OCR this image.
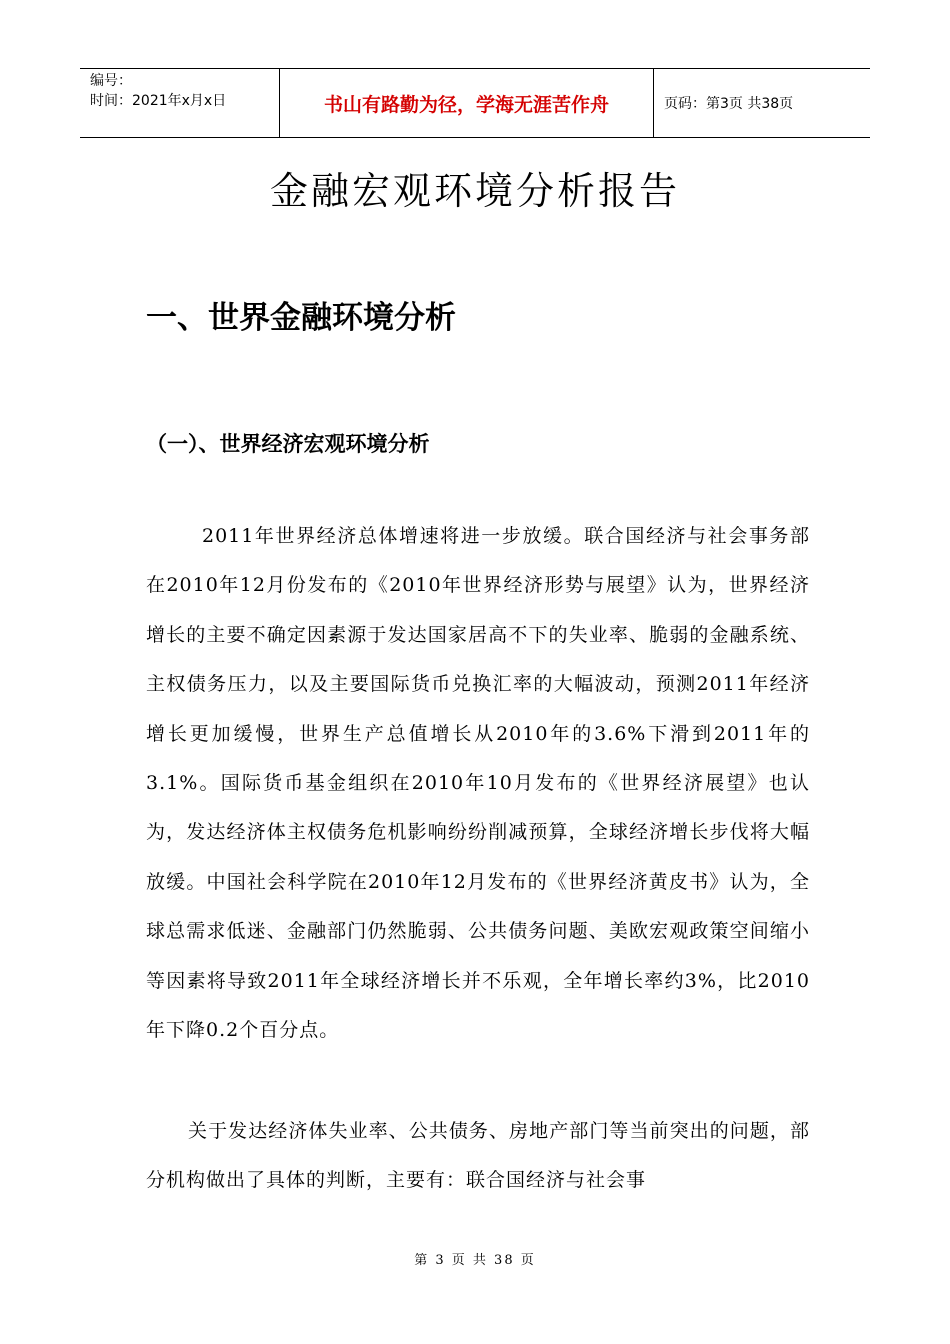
编号：
时间：2021年x月x日	书山有路勤为径，学海无涯苦作舟	页码：第3页 共38页
金融宏观环境分析报告
一、世界金融环境分析
（一）、世界经济宏观环境分析

2011年世界经济总体增速将进一步放缓。联合国经济与社会事务部在2010年12月份发布的《2010年世界经济形势与展望》认为，世界经济增长的主要不确定因素源于发达国家居高不下的失业率、脆弱的金融系统、主权债务压力，以及主要国际货币兑换汇率的大幅波动，预测2011年经济增长更加缓慢，世界生产总值增长从2010年的3.6%下滑到2011年的3.1%。国际货币基金组织在2010年10月发布的《世界经济展望》也认为，发达经济体主权债务危机影响纷纷削减预算，全球经济增长步伐将大幅放缓。中国社会科学院在2010年12月发布的《世界经济黄皮书》认为，全球总需求低迷、金融部门仍然脆弱、公共债务问题、美欧宏观政策空间缩小等因素将导致2011年全球经济增长并不乐观，全年增长率约3%，比2010年下降0.2个百分点。

关于发达经济体失业率、公共债务、房地产部门等当前突出的问题，部分机构做出了具体的判断，主要有：联合国经济与社会事

第 3 页 共 38 页
